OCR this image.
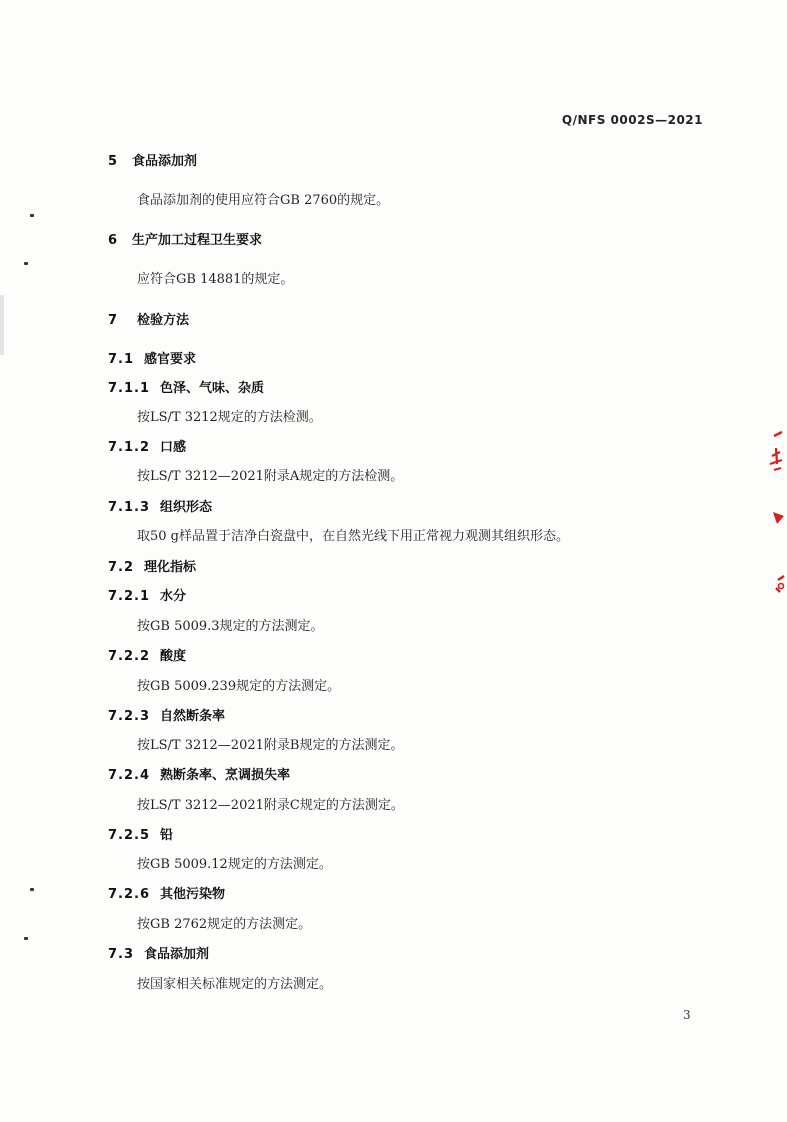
Q/NFS 0002S—2021
5 食品添加剂
食品添加剂的使用应符合GB 2760的规定。
6 生产加工过程卫生要求
应符合GB 14881的规定。
7 检验方法
7.1 感官要求
7.1.1 色泽、气味、杂质
按LS/T 3212规定的方法检测。
7.1.2 口感
按LS/T 3212—2021附录A规定的方法检测。
7.1.3 组织形态
取50 g样品置于洁净白瓷盘中，在自然光线下用正常视力观测其组织形态。
7.2 理化指标
7.2.1 水分
按GB 5009.3规定的方法测定。
7.2.2 酸度
按GB 5009.239规定的方法测定。
7.2.3 自然断条率
按LS/T 3212—2021附录B规定的方法测定。
7.2.4 熟断条率、烹调损失率
按LS/T 3212—2021附录C规定的方法测定。
7.2.5 铅
按GB 5009.12规定的方法测定。
7.2.6 其他污染物
按GB 2762规定的方法测定。
7.3 食品添加剂
按国家相关标准规定的方法测定。
3
